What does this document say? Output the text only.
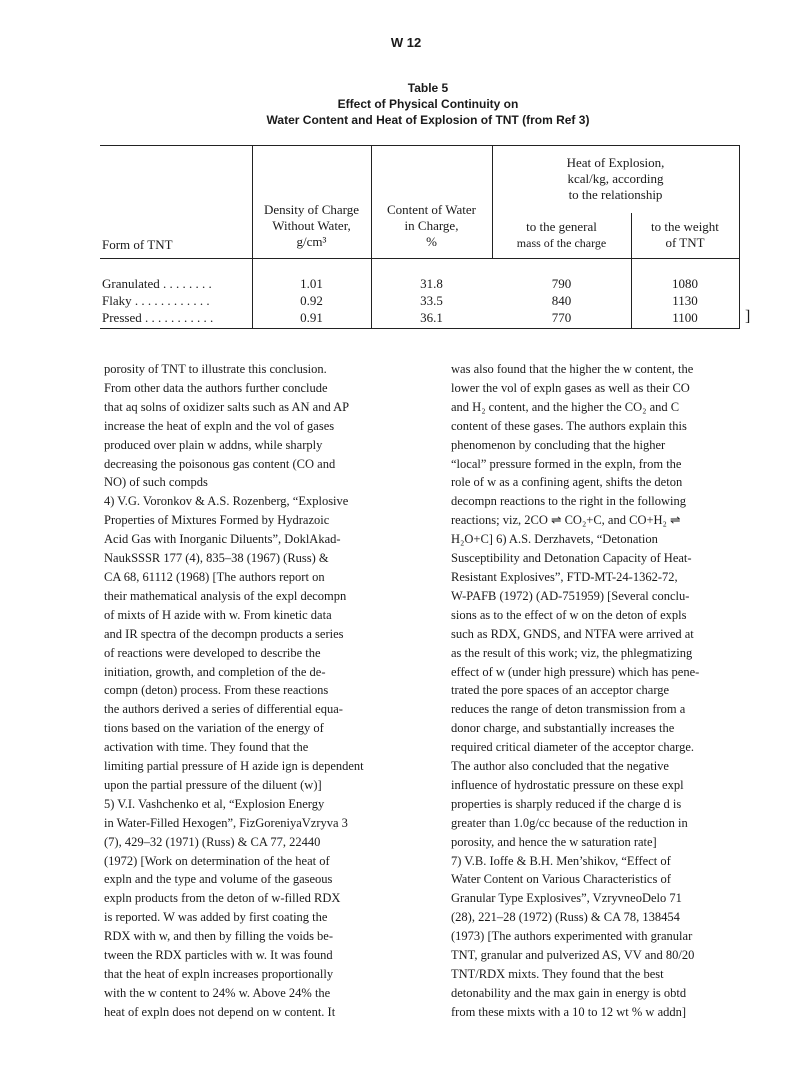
W 12
Table 5
Effect of Physical Continuity on
Water Content and Heat of Explosion of TNT (from Ref 3)
Form of TNT
Density of Charge
Without Water,
g/cm³
Content of Water
in Charge,
%
Heat of Explosion,
kcal/kg, according
to the relationship
to the general
mass of the charge
to the weight
of TNT
Granulated . . . . . . . .
Flaky . . . . . . . . . . . .
Pressed . . . . . . . . . . .
1.01
0.92
0.91
31.8
33.5
36.1
790
840
770
1080
1130
1100	]

porosity of TNT to illustrate this conclusion.

From other data the authors further conclude

that aq solns of oxidizer salts such as AN and AP

increase the heat of expln and the vol of gases

produced over plain w addns, while sharply

decreasing the poisonous gas content (CO and

NO) of such compds

4) V.G. Voronkov & A.S. Rozenberg, “Explosive

Properties of Mixtures Formed by Hydrazoic

Acid Gas with Inorganic Diluents”, DoklAkad-

NaukSSSR 177 (4), 835–38 (1967) (Russ) &

CA 68, 61112 (1968) [The authors report on

their mathematical analysis of the expl decompn

of mixts of H azide with w. From kinetic data

and IR spectra of the decompn products a series

of reactions were developed to describe the

initiation, growth, and completion of the de-

compn (deton) process. From these reactions

the authors derived a series of differential equa-

tions based on the variation of the energy of

activation with time. They found that the

limiting partial pressure of H azide ign is dependent

upon the partial pressure of the diluent (w)]

5) V.I. Vashchenko et al, “Explosion Energy

in Water-Filled Hexogen”, FizGoreniyaVzryva 3

(7), 429–32 (1971) (Russ) & CA 77, 22440

(1972) [Work on determination of the heat of

expln and the type and volume of the gaseous

expln products from the deton of w-filled RDX

is reported. W was added by first coating the

RDX with w, and then by filling the voids be-

tween the RDX particles with w. It was found

that the heat of expln increases proportionally

with the w content to 24% w. Above 24% the

heat of expln does not depend on w content. It

was also found that the higher the w content, the

lower the vol of expln gases as well as their CO

and H₂ content, and the higher the CO₂ and C

content of these gases. The authors explain this

phenomenon by concluding that the higher

“local” pressure formed in the expln, from the

role of w as a confining agent, shifts the deton

decompn reactions to the right in the following

reactions; viz, 2CO ⇌ CO₂+C, and CO+H₂ ⇌

H₂O+C] 6) A.S. Derzhavets, “Detonation

Susceptibility and Detonation Capacity of Heat-

Resistant Explosives”, FTD-MT-24-1362-72,

W-PAFB (1972) (AD-751959) [Several conclu-

sions as to the effect of w on the deton of expls

such as RDX, GNDS, and NTFA were arrived at

as the result of this work; viz, the phlegmatizing

effect of w (under high pressure) which has pene-

trated the pore spaces of an acceptor charge

reduces the range of deton transmission from a

donor charge, and substantially increases the

required critical diameter of the acceptor charge.

The author also concluded that the negative

influence of hydrostatic pressure on these expl

properties is sharply reduced if the charge d is

greater than 1.0g/cc because of the reduction in

porosity, and hence the w saturation rate]

7) V.B. Ioffe & B.H. Men’shikov, “Effect of

Water Content on Various Characteristics of

Granular Type Explosives”, VzryvneoDelo 71

(28), 221–28 (1972) (Russ) & CA 78, 138454

(1973) [The authors experimented with granular

TNT, granular and pulverized AS, VV and 80/20

TNT/RDX mixts. They found that the best

detonability and the max gain in energy is obtd

from these mixts with a 10 to 12 wt % w addn]
